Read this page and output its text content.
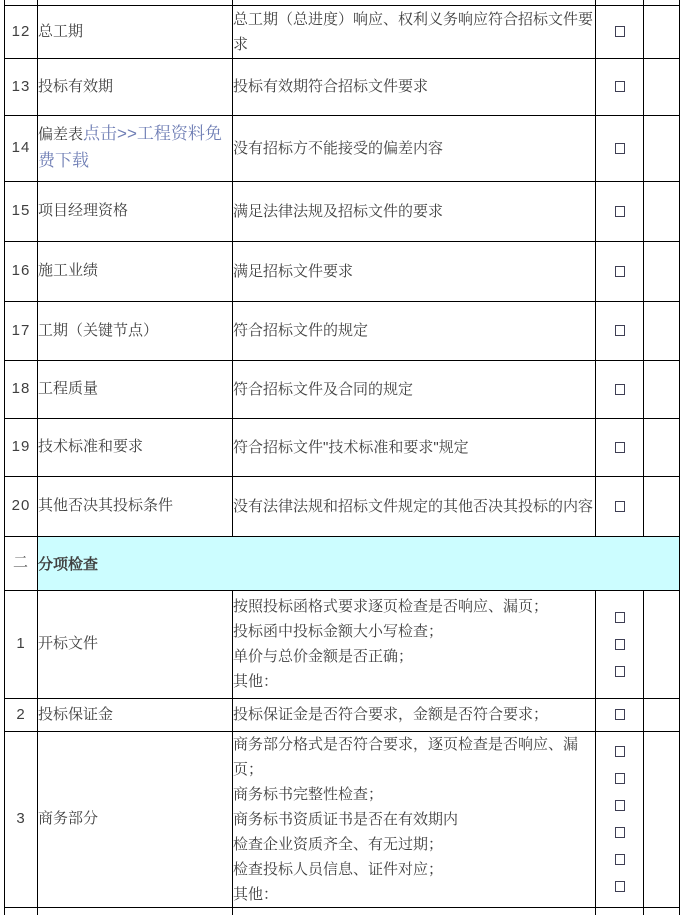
12	总工期	总工期（总进度）响应、权利义务响应符合招标文件要求		

13	投标有效期	投标有效期符合招标文件要求		

14	偏差表点击>>工程资料免费下载	没有招标方不能接受的偏差内容		

15	项目经理资格	满足法律法规及招标文件的要求		

16	施工业绩	满足招标文件要求		

17	工期（关键节点）	符合招标文件的规定		

18	工程质量	符合招标文件及合同的规定		

19	技术标准和要求	符合招标文件"技术标准和要求"规定		

20	其他否决其投标条件	没有法律法规和招标文件规定的其他否决其投标的内容		

二	分项检查			
1	开标文件	按照投标函格式要求逐页检查是否响应、漏页；
投标函中投标金额大小写检查；
单价与总价金额是否正确；
其他：		

2	投标保证金	投标保证金是否符合要求，金额是否符合要求；		

3	商务部分	
商务部分格式是否符合要求，逐页检查是否响应、漏页；
商务标书完整性检查；
商务标书资质证书是否在有效期内
检查企业资质齐全、有无过期；
检查投标人员信息、证件对应；
其他：
